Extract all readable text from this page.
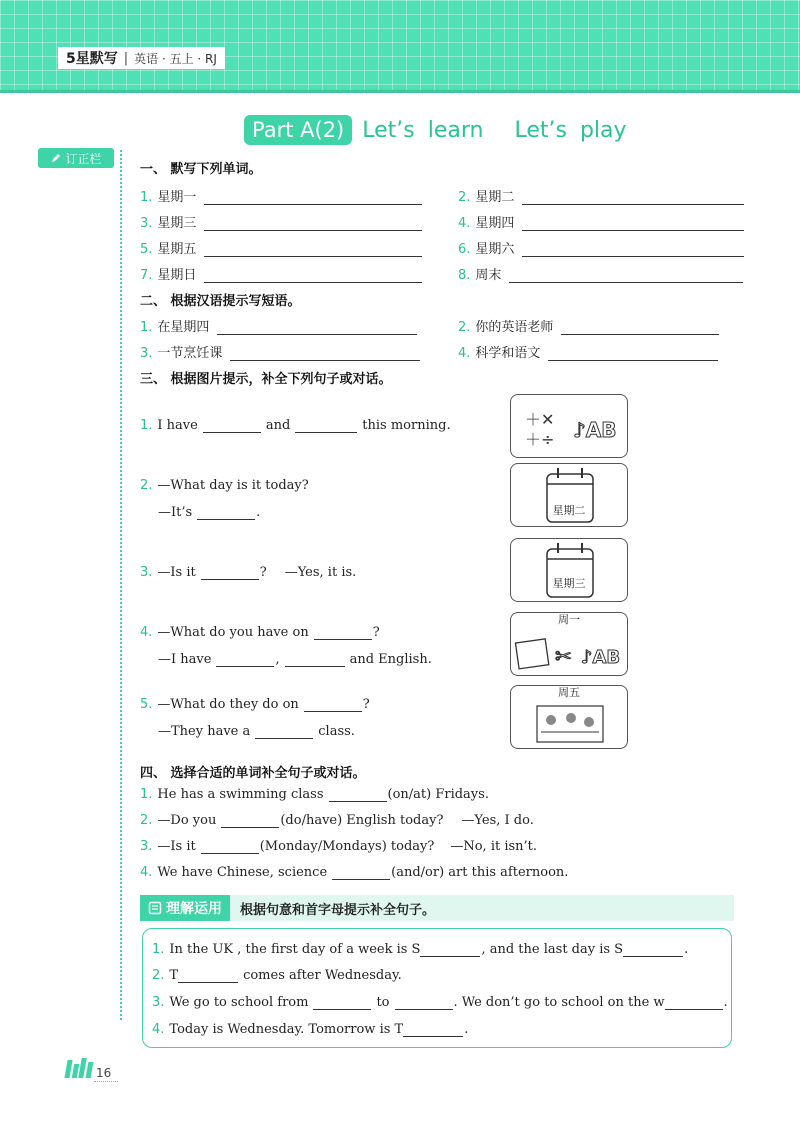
5星默写 | 英语 · 五上 · RJ
Part A(2) Let’s learn Let’s play
订正栏
一、 默写下列单词。
1. 星期一	2. 星期二
3. 星期三	4. 星期四
5. 星期五	6. 星期六
7. 星期日	8. 周末
二、 根据汉语提示写短语。
1. 在星期四	2. 你的英语老师
3. 一节烹饪课	4. 科学和语文
三、 根据图片提示，补全下列句子或对话。
1. I have	and	this morning.
2. —What day is it today?
—It’s	.
3. —Is it	? —Yes, it is.
4. —What do you have on	?
—I have	,	and English.
5. —What do they do on	?
—They have a	class.
＋✕
＋÷ ♪AB
星期二
星期三
周一
✂ ♪AB
周五
四、 选择合适的单词补全句子或对话。
1. He has a swimming class	(on/at) Fridays.
2. —Do you	(do/have) English today? —Yes, I do.
3. —Is it	(Monday/Mondays) today? —No, it isn’t.
4. We have Chinese, science	(and/or) art this afternoon.
理解运用 根据句意和首字母提示补全句子。
1. In the UK , the first day of a week is S	, and the last day is S	.
2. T	comes after Wednesday.
3. We go to school from	to	. We don’t go to school on the w	.
4. Today is Wednesday. Tomorrow is T	.
16
